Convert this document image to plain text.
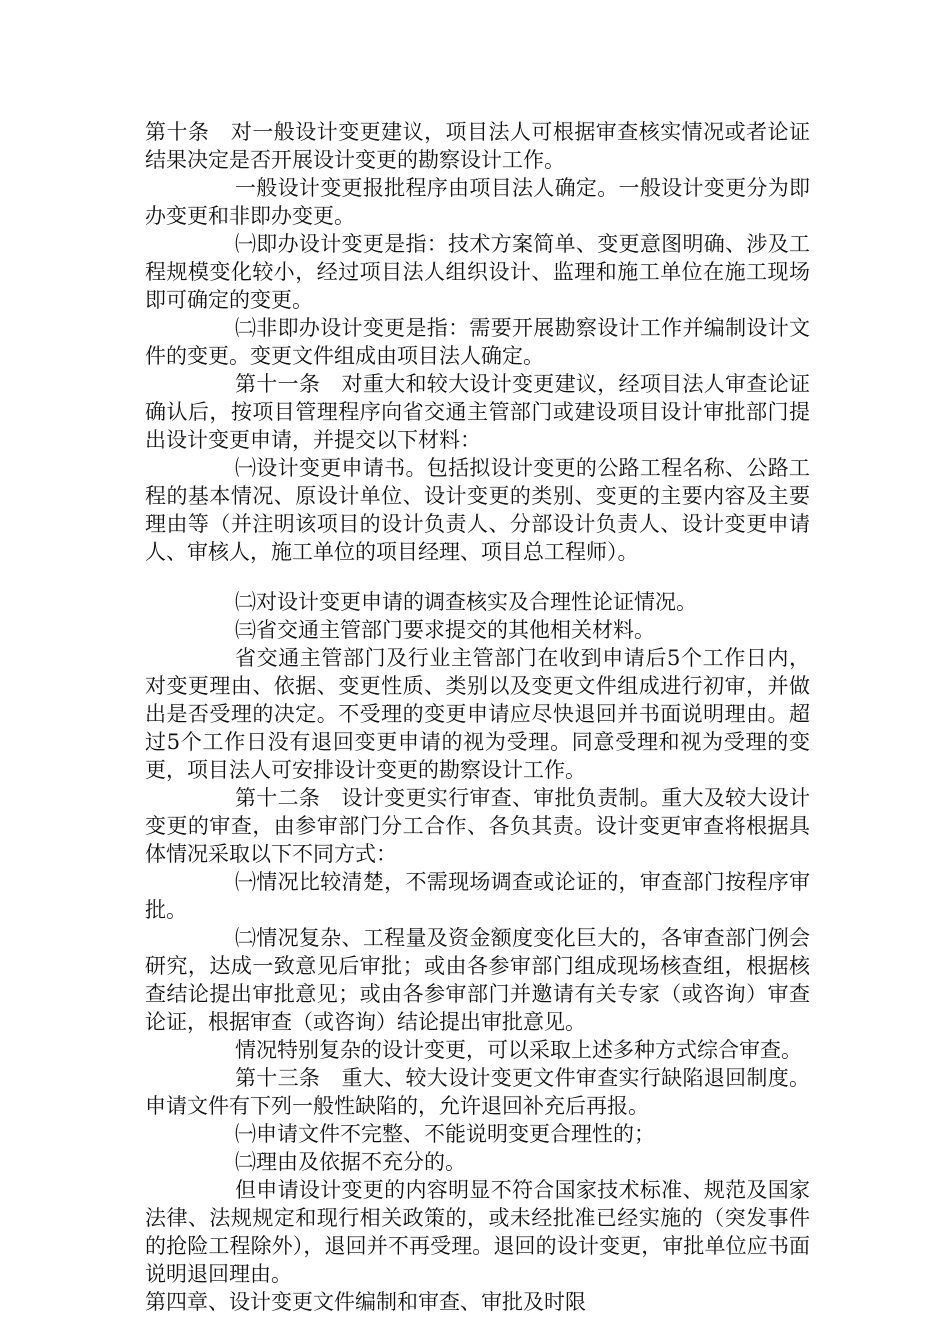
第十条　对一般设计变更建议，项目法人可根据审查核实情况或者论证结果决定是否开展设计变更的勘察设计工作。

一般设计变更报批程序由项目法人确定。一般设计变更分为即办变更和非即办变更。

㈠即办设计变更是指：技术方案简单、变更意图明确、涉及工程规模变化较小，经过项目法人组织设计、监理和施工单位在施工现场即可确定的变更。

㈡非即办设计变更是指：需要开展勘察设计工作并编制设计文件的变更。变更文件组成由项目法人确定。

第十一条　对重大和较大设计变更建议，经项目法人审查论证确认后，按项目管理程序向省交通主管部门或建设项目设计审批部门提出设计变更申请，并提交以下材料：

㈠设计变更申请书。包括拟设计变更的公路工程名称、公路工程的基本情况、原设计单位、设计变更的类别、变更的主要内容及主要理由等（并注明该项目的设计负责人、分部设计负责人、设计变更申请人、审核人，施工单位的项目经理、项目总工程师）。

㈡对设计变更申请的调查核实及合理性论证情况。

㈢省交通主管部门要求提交的其他相关材料。

省交通主管部门及行业主管部门在收到申请后5个工作日内，对变更理由、依据、变更性质、类别以及变更文件组成进行初审，并做出是否受理的决定。不受理的变更申请应尽快退回并书面说明理由。超过5个工作日没有退回变更申请的视为受理。同意受理和视为受理的变更，项目法人可安排设计变更的勘察设计工作。

第十二条　设计变更实行审查、审批负责制。重大及较大设计变更的审查，由参审部门分工合作、各负其责。设计变更审查将根据具体情况采取以下不同方式：

㈠情况比较清楚，不需现场调查或论证的，审查部门按程序审批。

㈡情况复杂、工程量及资金额度变化巨大的，各审查部门例会研究，达成一致意见后审批；或由各参审部门组成现场核查组，根据核查结论提出审批意见；或由各参审部门并邀请有关专家（或咨询）审查论证，根据审查（或咨询）结论提出审批意见。

情况特别复杂的设计变更，可以采取上述多种方式综合审查。

第十三条　重大、较大设计变更文件审查实行缺陷退回制度。申请文件有下列一般性缺陷的，允许退回补充后再报。

㈠申请文件不完整、不能说明变更合理性的；

㈡理由及依据不充分的。

但申请设计变更的内容明显不符合国家技术标准、规范及国家法律、法规规定和现行相关政策的，或未经批准已经实施的（突发事件的抢险工程除外），退回并不再受理。退回的设计变更，审批单位应书面说明退回理由。

第四章、设计变更文件编制和审查、审批及时限
